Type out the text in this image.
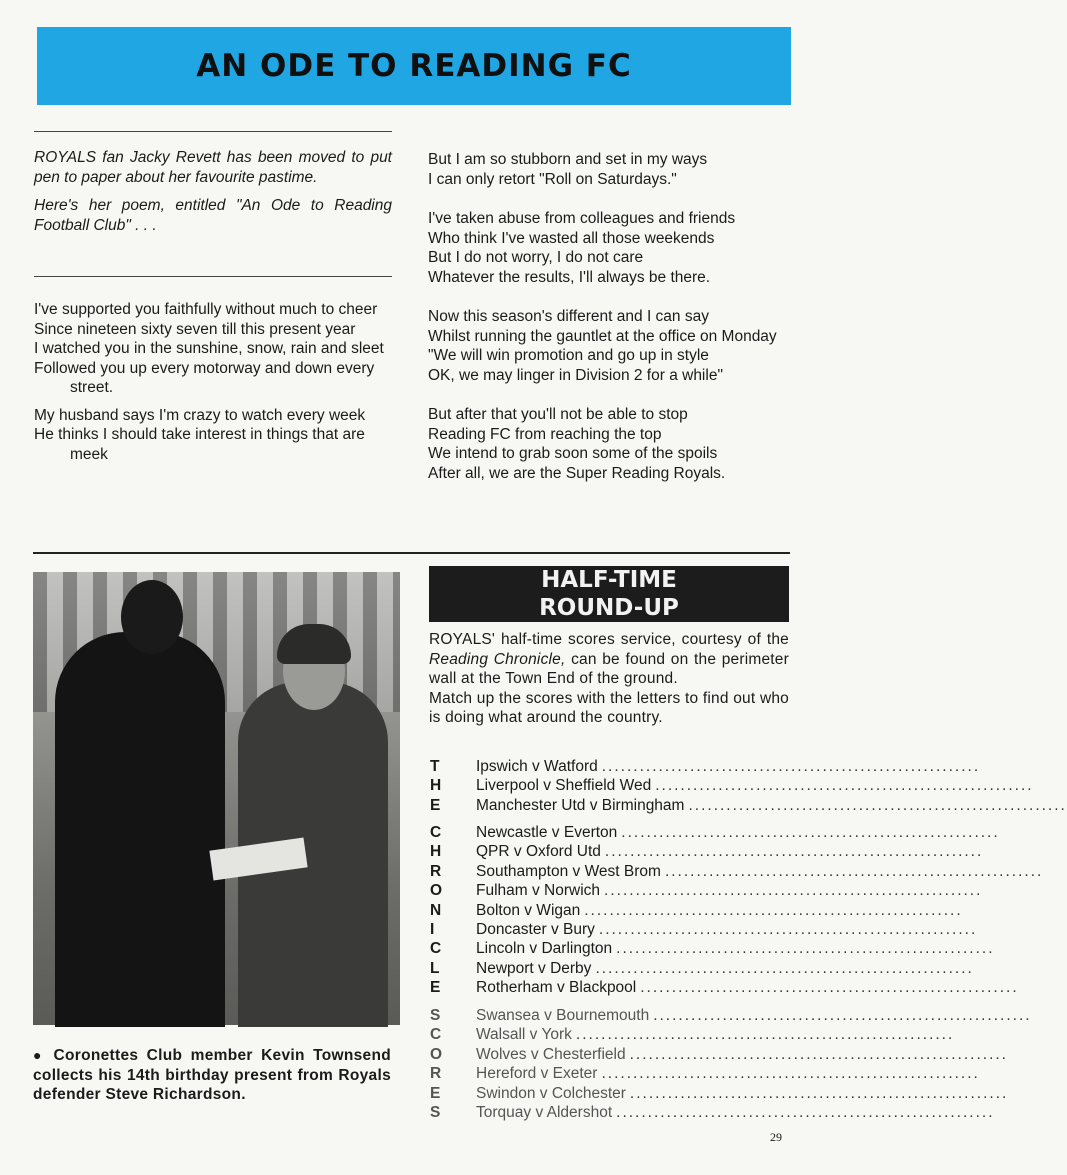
AN ODE TO READING FC

ROYALS fan Jacky Revett has been moved to put pen to paper about her favourite pastime.

Here's her poem, entitled "An Ode to Reading Football Club" . . .

I've supported you faithfully without much to cheer
Since nineteen sixty seven till this present year
I watched you in the sunshine, snow, rain and sleet
Followed you up every motorway and down every street.
My husband says I'm crazy to watch every week
He thinks I should take interest in things that are meek
But I am so stubborn and set in my ways
I can only retort "Roll on Saturdays."
I've taken abuse from colleagues and friends
Who think I've wasted all those weekends
But I do not worry, I do not care
Whatever the results, I'll always be there.
Now this season's different and I can say
Whilst running the gauntlet at the office on Monday
"We will win promotion and go up in style
OK, we may linger in Division 2 for a while"
But after that you'll not be able to stop
Reading FC from reaching the top
We intend to grab soon some of the spoils
After all, we are the Super Reading Royals.
● Coronettes Club member Kevin Townsend collects his 14th birthday present from Royals defender Steve Richardson.
HALF-TIME
ROUND-UP

ROYALS' half-time scores service, courtesy of the Reading Chronicle, can be found on the perimeter wall at the Town End of the ground.

Match up the scores with the letters to find out who is doing what around the country.

T	Ipswich v Watford ............................................................
H	Liverpool v Sheffield Wed ............................................................
E	Manchester Utd v Birmingham ............................................................
C	Newcastle v Everton ............................................................
H	QPR v Oxford Utd ............................................................
R	Southampton v West Brom ............................................................
O	Fulham v Norwich ............................................................
N	Bolton v Wigan ............................................................
I	Doncaster v Bury ............................................................
C	Lincoln v Darlington ............................................................
L	Newport v Derby ............................................................
E	Rotherham v Blackpool ............................................................
S	Swansea v Bournemouth ............................................................
C	Walsall v York ............................................................
O	Wolves v Chesterfield ............................................................
R	Hereford v Exeter ............................................................
E	Swindon v Colchester ............................................................
S	Torquay v Aldershot ............................................................
29
